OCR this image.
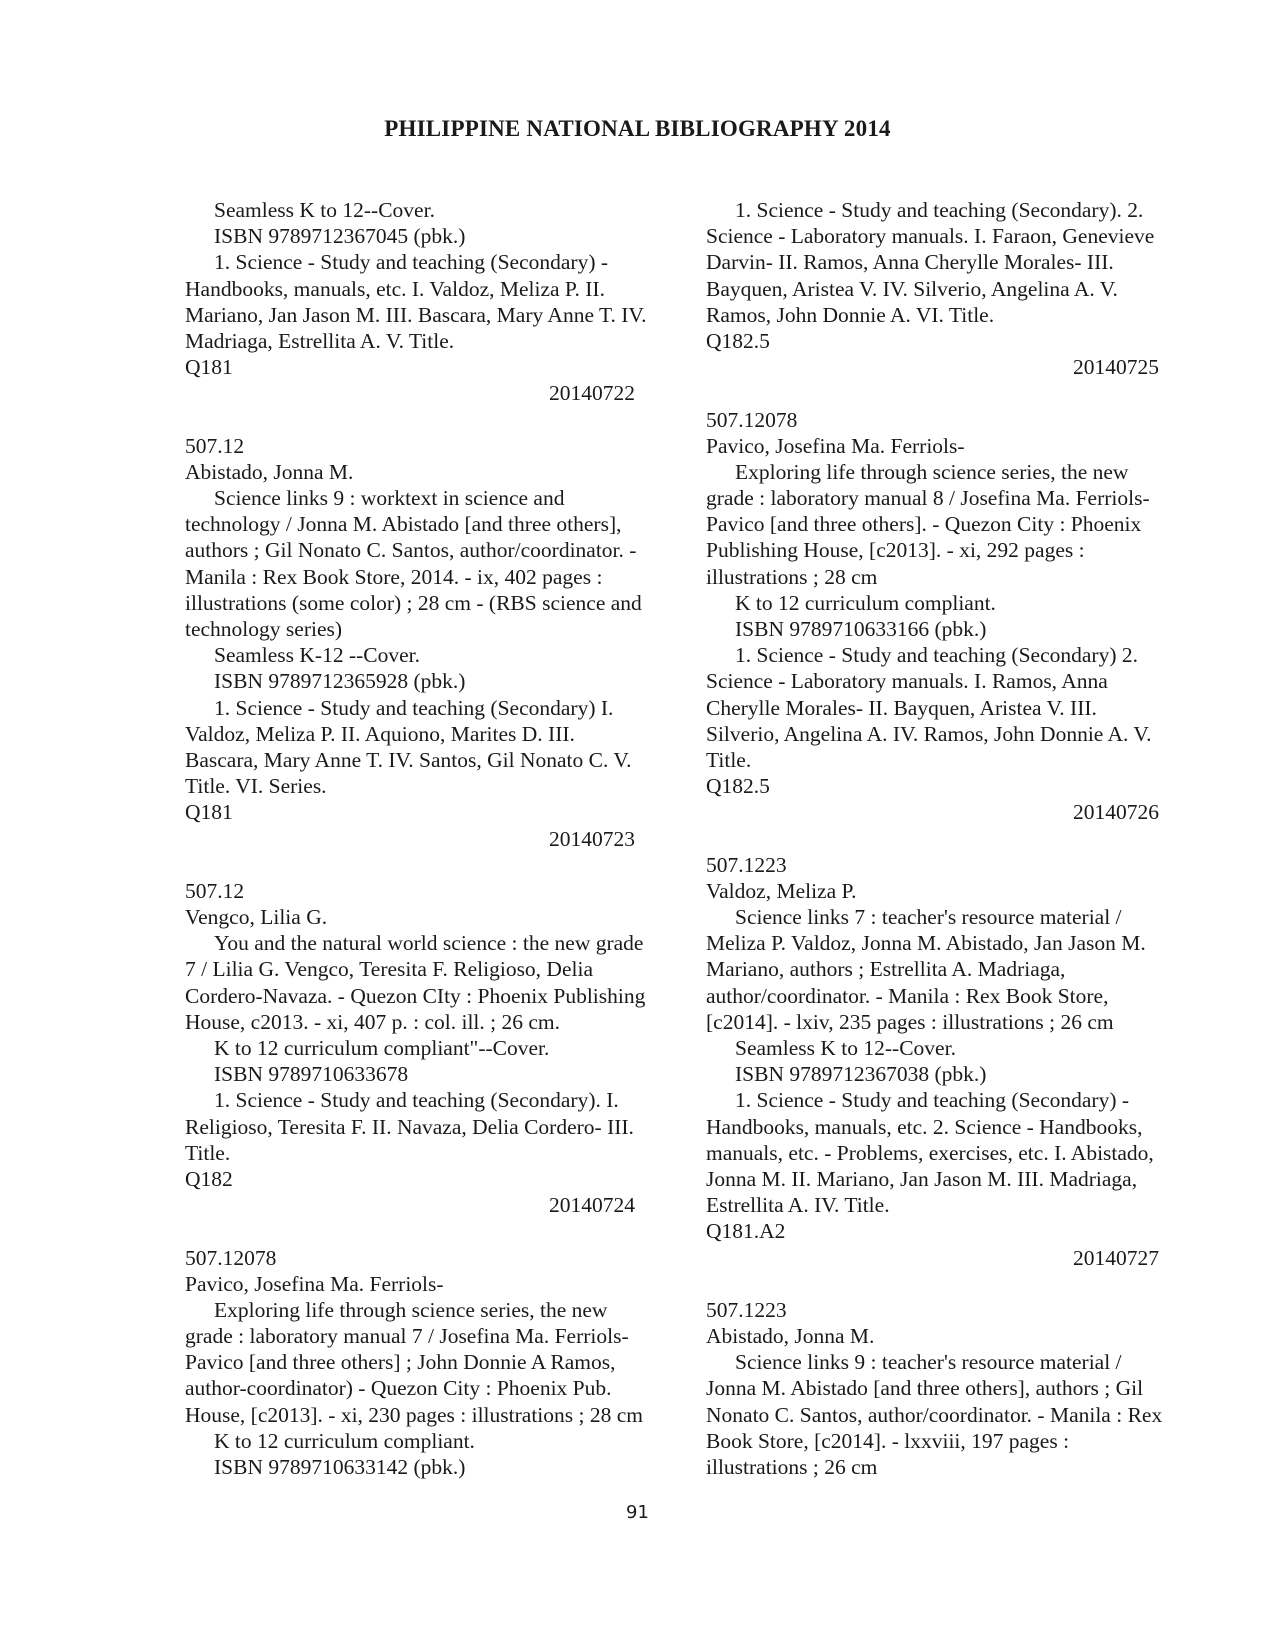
PHILIPPINE NATIONAL BIBLIOGRAPHY 2014
Seamless K to 12--Cover.
ISBN 9789712367045 (pbk.)
1. Science - Study and teaching (Secondary) -
Handbooks, manuals, etc. I. Valdoz, Meliza P. II.
Mariano, Jan Jason M. III. Bascara, Mary Anne T. IV.
Madriaga, Estrellita A. V. Title.
Q181
20140722
507.12
Abistado, Jonna M.
Science links 9 : worktext in science and
technology / Jonna M. Abistado [and three others],
authors ; Gil Nonato C. Santos, author/coordinator. -
Manila : Rex Book Store, 2014. - ix, 402 pages :
illustrations (some color) ; 28 cm - (RBS science and
technology series)
Seamless K-12 --Cover.
ISBN 9789712365928 (pbk.)
1. Science - Study and teaching (Secondary) I.
Valdoz, Meliza P. II. Aquiono, Marites D. III.
Bascara, Mary Anne T. IV. Santos, Gil Nonato C. V.
Title. VI. Series.
Q181
20140723
507.12
Vengco, Lilia G.
You and the natural world science : the new grade
7 / Lilia G. Vengco, Teresita F. Religioso, Delia
Cordero-Navaza. - Quezon CIty : Phoenix Publishing
House, c2013. - xi, 407 p. : col. ill. ; 26 cm.
K to 12 curriculum compliant"--Cover.
ISBN 9789710633678
1. Science - Study and teaching (Secondary). I.
Religioso, Teresita F. II. Navaza, Delia Cordero- III.
Title.
Q182
20140724
507.12078
Pavico, Josefina Ma. Ferriols-
Exploring life through science series, the new
grade : laboratory manual 7 / Josefina Ma. Ferriols-
Pavico [and three others] ; John Donnie A Ramos,
author-coordinator) - Quezon City : Phoenix Pub.
House, [c2013]. - xi, 230 pages : illustrations ; 28 cm
K to 12 curriculum compliant.
ISBN 9789710633142 (pbk.)
1. Science - Study and teaching (Secondary). 2.
Science - Laboratory manuals. I. Faraon, Genevieve
Darvin- II. Ramos, Anna Cherylle Morales- III.
Bayquen, Aristea V. IV. Silverio, Angelina A. V.
Ramos, John Donnie A. VI. Title.
Q182.5
20140725
507.12078
Pavico, Josefina Ma. Ferriols-
Exploring life through science series, the new
grade : laboratory manual 8 / Josefina Ma. Ferriols-
Pavico [and three others]. - Quezon City : Phoenix
Publishing House, [c2013]. - xi, 292 pages :
illustrations ; 28 cm
K to 12 curriculum compliant.
ISBN 9789710633166 (pbk.)
1. Science - Study and teaching (Secondary) 2.
Science - Laboratory manuals. I. Ramos, Anna
Cherylle Morales- II. Bayquen, Aristea V. III.
Silverio, Angelina A. IV. Ramos, John Donnie A. V.
Title.
Q182.5
20140726
507.1223
Valdoz, Meliza P.
Science links 7 : teacher's resource material /
Meliza P. Valdoz, Jonna M. Abistado, Jan Jason M.
Mariano, authors ; Estrellita A. Madriaga,
author/coordinator. - Manila : Rex Book Store,
[c2014]. - lxiv, 235 pages : illustrations ; 26 cm
Seamless K to 12--Cover.
ISBN 9789712367038 (pbk.)
1. Science - Study and teaching (Secondary) -
Handbooks, manuals, etc. 2. Science - Handbooks,
manuals, etc. - Problems, exercises, etc. I. Abistado,
Jonna M. II. Mariano, Jan Jason M. III. Madriaga,
Estrellita A. IV. Title.
Q181.A2
20140727
507.1223
Abistado, Jonna M.
Science links 9 : teacher's resource material /
Jonna M. Abistado [and three others], authors ; Gil
Nonato C. Santos, author/coordinator. - Manila : Rex
Book Store, [c2014]. - lxxviii, 197 pages :
illustrations ; 26 cm
91
